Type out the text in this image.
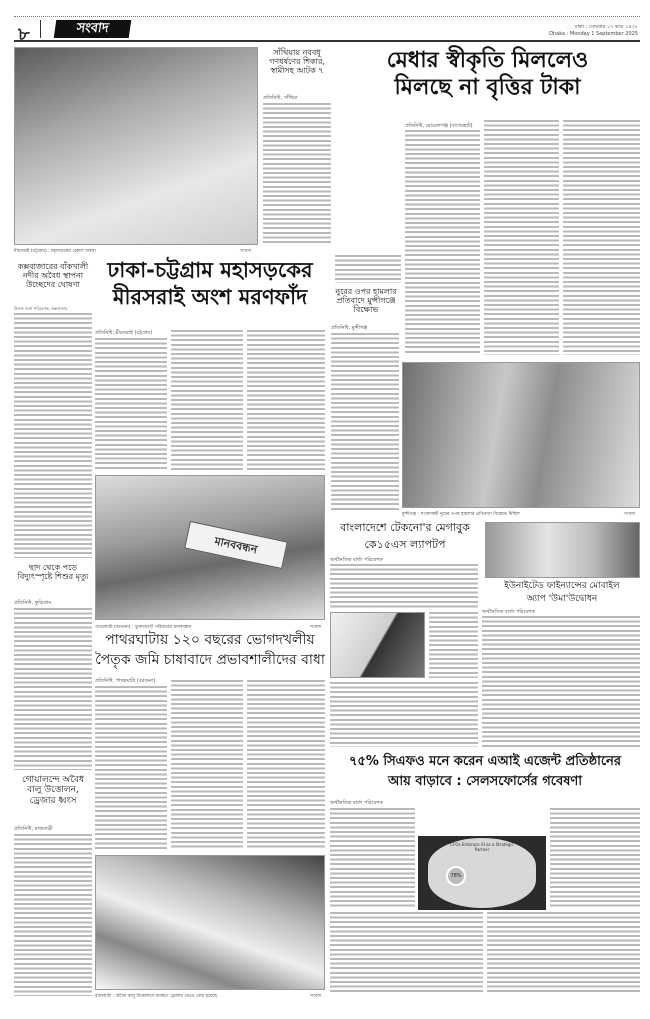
৮	সংবাদ	ঢাকা : সোমবার ১৭ ভাদ্র ১৪৩২
Dhaka : Monday 1 September 2025
মীরসরাই (চট্টগ্রাম) : মহাসড়কের বেহাল অবস্থা	সংবাদ
সাঁথিয়ায় নববধূ গণধর্ষণের শিকার, স্বামীসহ আটক ৭
প্রতিনিধি, সাঁথিয়া
মেধার স্বীকৃতি মিললেও
মিলছে না বৃত্তির টাকা
প্রতিনিধি, মোরেলগঞ্জ (বাগেরহাট)
কক্সবাজারের বাঁকখালী নদীর অবৈধ স্থাপনা উচ্ছেদের ঘোষণা
নিজস্ব বার্তা পরিবেশক, কক্সবাজার
ঢাকা-চট্টগ্রাম মহাসড়কের
মীরসরাই অংশ মরণফাঁদ
প্রতিনিধি, মীরসরাই (চট্টগ্রাম)
নুরের ওপর হামলার প্রতিবাদে মুন্সীগঞ্জে বিক্ষোভ
প্রতিনিধি, মুন্সীগঞ্জ
মুন্সীগঞ্জ : সংবাদকর্মী নুরের ওপর হামলার প্রতিবাদে বিক্ষোভ মিছিল	সংবাদ
ছাদ থেকে পড়ে বিদ্যুৎস্পৃষ্টে শিশুর মৃত্যু
প্রতিনিধি, কুড়িগ্রাম
মানববন্ধন
পাথরঘাটা (বরগুনা) : ভুক্তভোগী পরিবারের মানববন্ধন	সংবাদ
পাথরঘাটায় ১২০ বছরের ভোগদখলীয়
পৈতৃক জমি চাষাবাদে প্রভাবশালীদের বাধা
প্রতিনিধি, পাথরঘাটা (বরগুনা)
গোয়ালন্দে অবৈধ বালু উত্তোলন, ড্রেজার ধ্বংস
প্রতিনিধি, রাজবাড়ী
রাজবাড়ী : অবৈধ বালু উত্তোলনে ব্যবহৃত ড্রেজার ভেঙে দেয়া হয়েছে	সংবাদ
বাংলাদেশে টেকনো'র মেগাবুক
কে১৫এস ল্যাপটপ
অর্থনৈতিক বার্তা পরিবেশক
ইউনাইটেড ফাইন্যান্সের মোবাইল
অ্যাপ 'উমা'উদ্বোধন
অর্থনৈতিক বার্তা পরিবেশক
৭৫% সিএফও মনে করেন এআই এজেন্ট প্রতিষ্ঠানের
আয় বাড়াবে : সেলসফোর্সের গবেষণা
অর্থনৈতিক বার্তা পরিবেশক
CFOs Embrace AI as a Strategic Partner
78%
